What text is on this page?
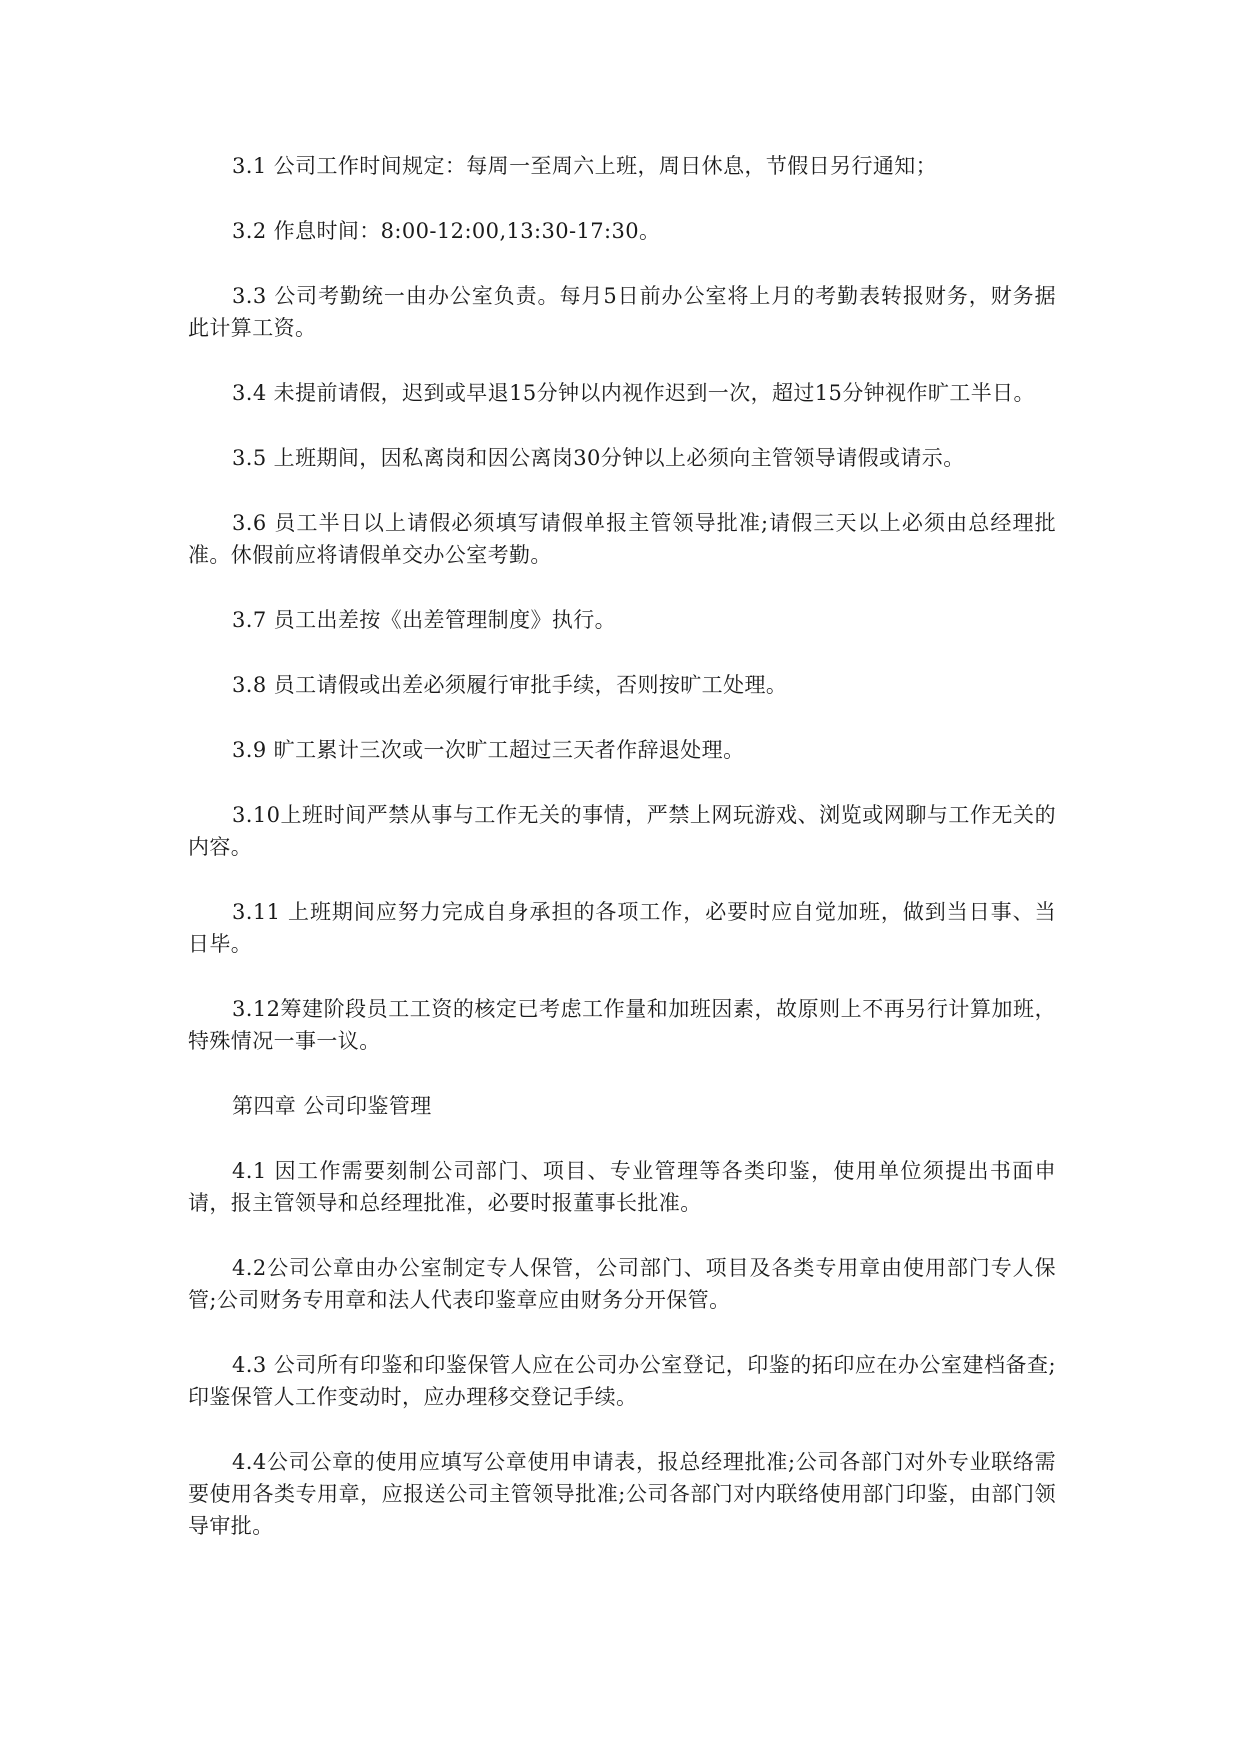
3.1 公司工作时间规定：每周一至周六上班，周日休息，节假日另行通知；

3.2 作息时间：8:00-12:00,13:30-17:30。

3.3 公司考勤统一由办公室负责。每月5日前办公室将上月的考勤表转报财务，财务据此计算工资。

3.4 未提前请假，迟到或早退15分钟以内视作迟到一次，超过15分钟视作旷工半日。

3.5 上班期间，因私离岗和因公离岗30分钟以上必须向主管领导请假或请示。

3.6 员工半日以上请假必须填写请假单报主管领导批准;请假三天以上必须由总经理批准。休假前应将请假单交办公室考勤。

3.7 员工出差按《出差管理制度》执行。

3.8 员工请假或出差必须履行审批手续，否则按旷工处理。

3.9 旷工累计三次或一次旷工超过三天者作辞退处理。

3.10上班时间严禁从事与工作无关的事情，严禁上网玩游戏、浏览或网聊与工作无关的内容。

3.11 上班期间应努力完成自身承担的各项工作，必要时应自觉加班，做到当日事、当日毕。

3.12筹建阶段员工工资的核定已考虑工作量和加班因素，故原则上不再另行计算加班，特殊情况一事一议。

第四章 公司印鉴管理

4.1 因工作需要刻制公司部门、项目、专业管理等各类印鉴，使用单位须提出书面申请，报主管领导和总经理批准，必要时报董事长批准。

4.2公司公章由办公室制定专人保管，公司部门、项目及各类专用章由使用部门专人保管;公司财务专用章和法人代表印鉴章应由财务分开保管。

4.3 公司所有印鉴和印鉴保管人应在公司办公室登记，印鉴的拓印应在办公室建档备查;印鉴保管人工作变动时，应办理移交登记手续。

4.4公司公章的使用应填写公章使用申请表，报总经理批准;公司各部门对外专业联络需要使用各类专用章，应报送公司主管领导批准;公司各部门对内联络使用部门印鉴，由部门领导审批。
